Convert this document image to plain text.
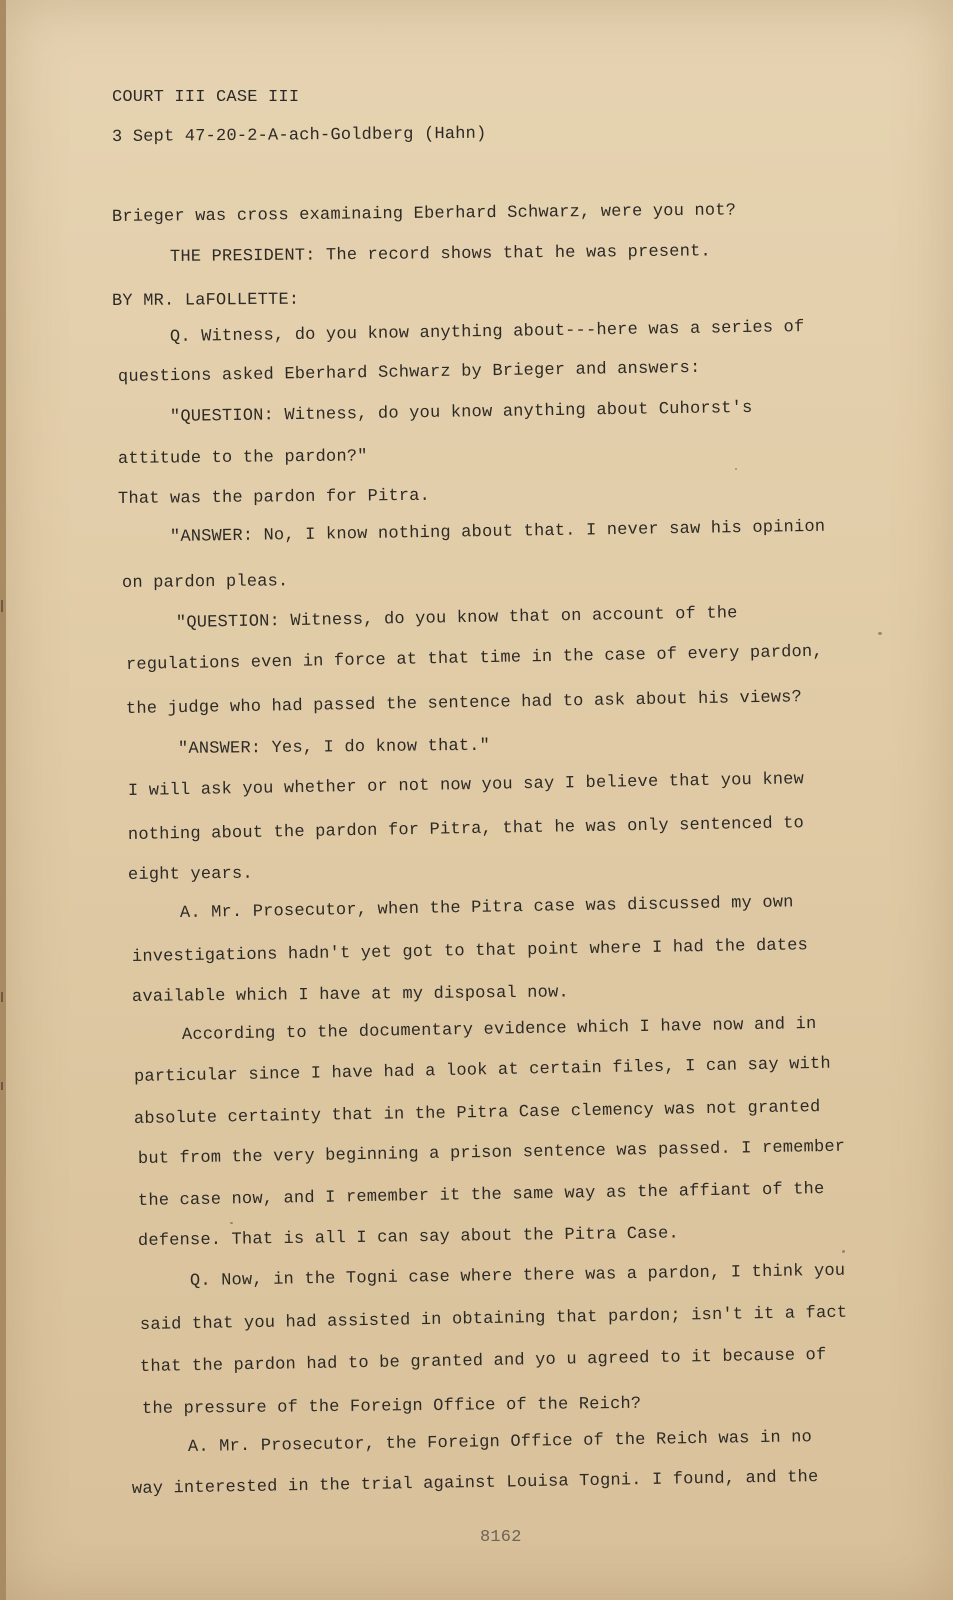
COURT III CASE III
3 Sept 47-20-2-A-ach-Goldberg (Hahn)
Brieger was cross examinaing Eberhard Schwarz, were you not?
THE PRESIDENT: The record shows that he was present.
BY MR. LaFOLLETTE:
Q. Witness, do you know anything about---here was a series of
questions asked Eberhard Schwarz by Brieger and answers:
"QUESTION: Witness, do you know anything about Cuhorst's
attitude to the pardon?"
That was the pardon for Pitra.
"ANSWER: No, I know nothing about that. I never saw his opinion
on pardon pleas.
"QUESTION: Witness, do you know that on account of the
regulations even in force at that time in the case of every pardon,
the judge who had passed the sentence had to ask about his views?
"ANSWER: Yes, I do know that."
I will ask you whether or not now you say I believe that you knew
nothing about the pardon for Pitra, that he was only sentenced to
eight years.
A. Mr. Prosecutor, when the Pitra case was discussed my own
investigations hadn't yet got to that point where I had the dates
available which I have at my disposal now.
According to the documentary evidence which I have now and in
particular since I have had a look at certain files, I can say with
absolute certainty that in the Pitra Case clemency was not granted
but from the very beginning a prison sentence was passed. I remember
the case now, and I remember it the same way as the affiant of the
defense. That is all I can say about the Pitra Case.
Q. Now, in the Togni case where there was a pardon, I think you
said that you had assisted in obtaining that pardon; isn't it a fact
that the pardon had to be granted and yo u agreed to it because of
the pressure of the Foreign Office of the Reich?
A. Mr. Prosecutor, the Foreign Office of the Reich was in no
way interested in the trial against Louisa Togni. I found, and the
8162
